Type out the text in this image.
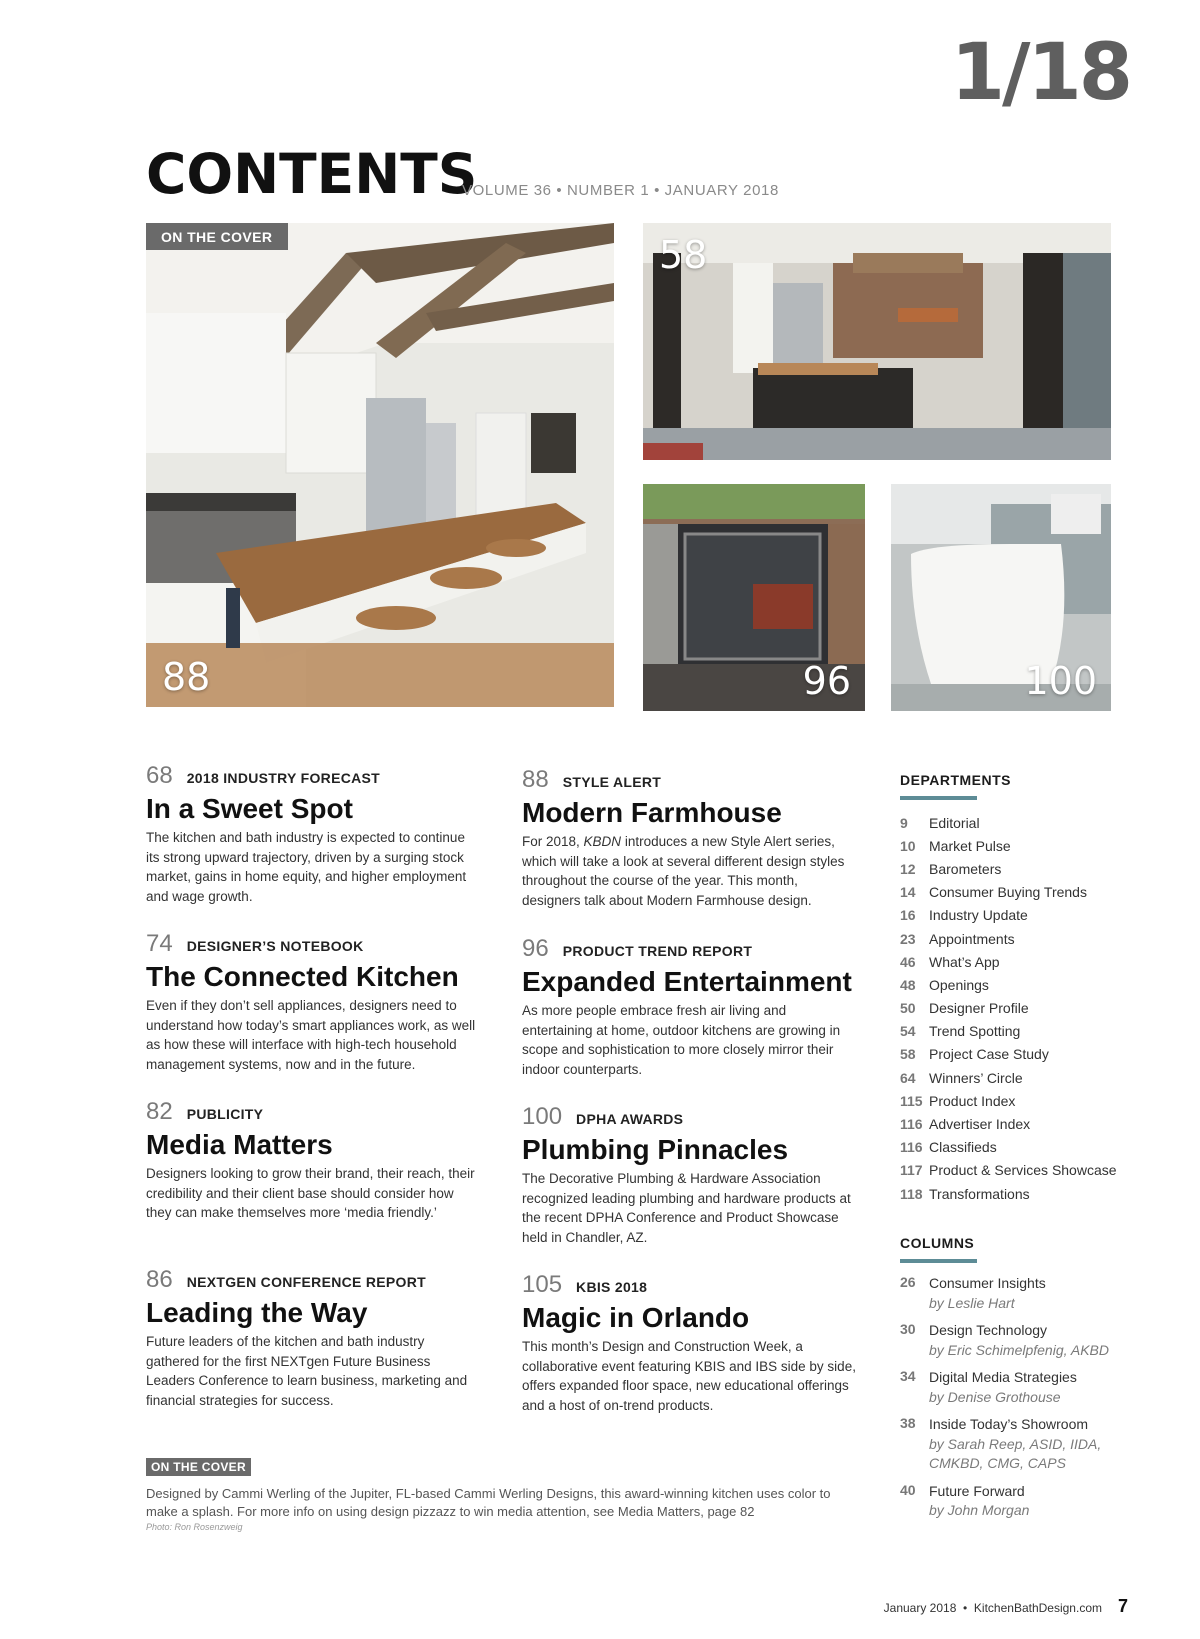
1/18
CONTENTS
VOLUME 36 • NUMBER 1 • JANUARY 2018
ON THE COVER
88
58
96	100
68 2018 INDUSTRY FORECAST
In a Sweet Spot
The kitchen and bath industry is expected to continue its strong upward trajectory, driven by a surging stock market, gains in home equity, and higher employment and wage growth.
74 DESIGNER’S NOTEBOOK
The Connected Kitchen
Even if they don’t sell appliances, designers need to understand how today’s smart appliances work, as well as how these will interface with high-tech household management systems, now and in the future.
82 PUBLICITY
Media Matters
Designers looking to grow their brand, their reach, their credibility and their client base should consider how they can make themselves more ‘media friendly.’
86 NEXTGEN CONFERENCE REPORT
Leading the Way
Future leaders of the kitchen and bath industry gathered for the first NEXTgen Future Business Leaders Conference to learn business, marketing and financial strategies for success.
88 STYLE ALERT
Modern Farmhouse
For 2018, KBDN introduces a new Style Alert series, which will take a look at several different design styles throughout the course of the year. This month, designers talk about Modern Farmhouse design.
96 PRODUCT TREND REPORT
Expanded Entertainment
As more people embrace fresh air living and entertaining at home, outdoor kitchens are growing in scope and sophistication to more closely mirror their indoor counterparts.
100 DPHA AWARDS
Plumbing Pinnacles
The Decorative Plumbing & Hardware Association recognized leading plumbing and hardware products at the recent DPHA Conference and Product Showcase held in Chandler, AZ.
105 KBIS 2018
Magic in Orlando
This month’s Design and Construction Week, a collaborative event featuring KBIS and IBS side by side, offers expanded floor space, new educational offerings and a host of on-trend products.
DEPARTMENTS
9	Editorial
10 Market Pulse
12 Barometers
14 Consumer Buying Trends
16 Industry Update
23 Appointments
46 What’s App
48 Openings
50 Designer Profile
54 Trend Spotting
58 Project Case Study
64 Winners’ Circle
115 Product Index
116 Advertiser Index
116 Classifieds
117 Product & Services Showcase
118 Transformations
COLUMNS
26 Consumer Insights
by Leslie Hart
30 Design Technology
by Eric Schimelpfenig, AKBD
34 Digital Media Strategies
by Denise Grothouse
38 Inside Today’s Showroom
by Sarah Reep, ASID, IIDA, CMKBD, CMG, CAPS
40 Future Forward
by John Morgan
ON THE COVER
Designed by Cammi Werling of the Jupiter, FL-based Cammi Werling Designs, this award-winning kitchen uses color to make a splash. For more info on using design pizzazz to win media attention, see Media Matters, page 82
Photo: Ron Rosenzweig
January 2018  •  KitchenBathDesign.com 7
